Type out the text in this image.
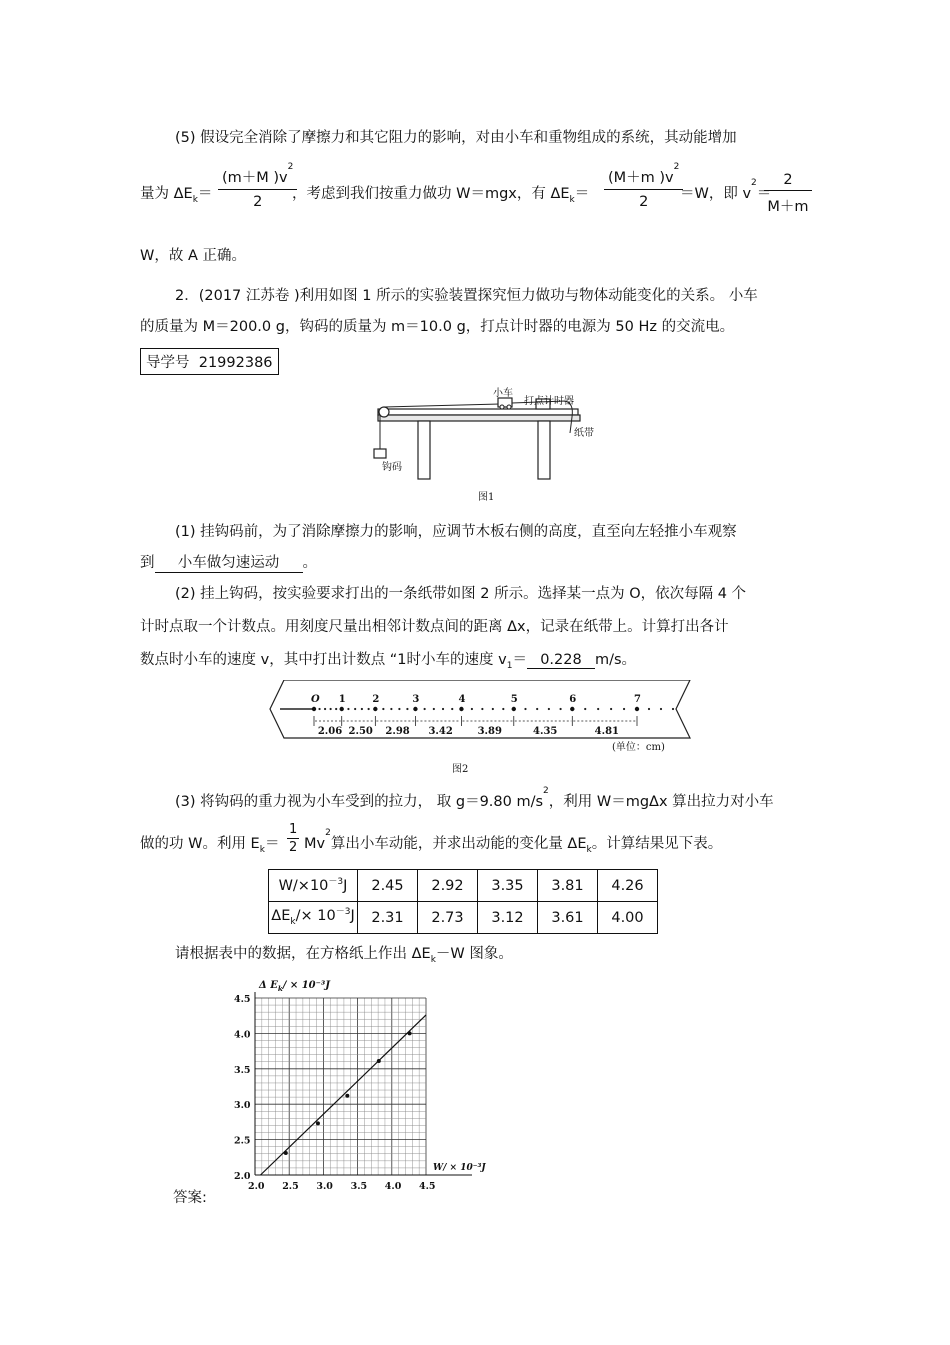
(5) 假设完全消除了摩擦力和其它阻力的影响，对由小车和重物组成的系统，其动能增加
量为 $\Delta E_k= \frac{(m+M )v^2}{2}$
，考虑到我们按重力做功 W＝mgx，有 $\Delta E_k= \frac{(M+m )v^2}{2}$
＝W，即 $v^2=$
$\frac{2}{M+m}$
W，故 A 正确。
2．(2017 江苏卷 )利用如图 1 所示的实验装置探究恒力做功与物体动能变化的关系。 小车
的质量为 M＝200.0 g，钩码的质量为 m＝10.0 g，打点计时器的电源为 50 Hz 的交流电。
导学号 21992386
小车
打点计时器
纸带
钩码
图1
(1) 挂钩码前，为了消除摩擦力的影响，应调节木板右侧的高度，直至向左轻推小车观察
到 小车做匀速运动 。
(2) 挂上钩码，按实验要求打出的一条纸带如图 2 所示。选择某一点为 O，依次每隔 4 个
计时点取一个计数点。用刻度尺量出相邻计数点间的距离 Δx，记录在纸带上。计算打出各计
数点时小车的速度 v，其中打出计数点 “1时小车的速度 $v_1= 0.228$ m/s。
O 1	2	3	4	5	6	7
2.06 2.50 2.98 3.42 3.89	4.35	4.81
(单位：cm)
图2
(3) 将钩码的重力视为小车受到的拉力， 取 g＝9.80 $m/s^2$，利用 W＝mgΔx 算出拉力对小车
做的功 W。利用 $E_k= \frac{1}{2} Mv^2$算出小车动能，并求出动能的变化量 $\Delta E_k$。计算结果见下表。
$W/\times 10^{-3}J$	2.45	2.92	3.35	3.81	4.26
$\Delta E_k/\times 10^{-3}J$	2.31	2.73	3.12	3.61	4.00
请根据表中的数据，在方格纸上作出 $\Delta E_k-W$ 图象。
2.0 2.5 3.0 3.5 4.0 4.5
2.0
2.5
3.0
3.5
4.0
4.5
Δ $E_k/ \times 10^{-3}J$
W/ × 10⁻³J
答案:
